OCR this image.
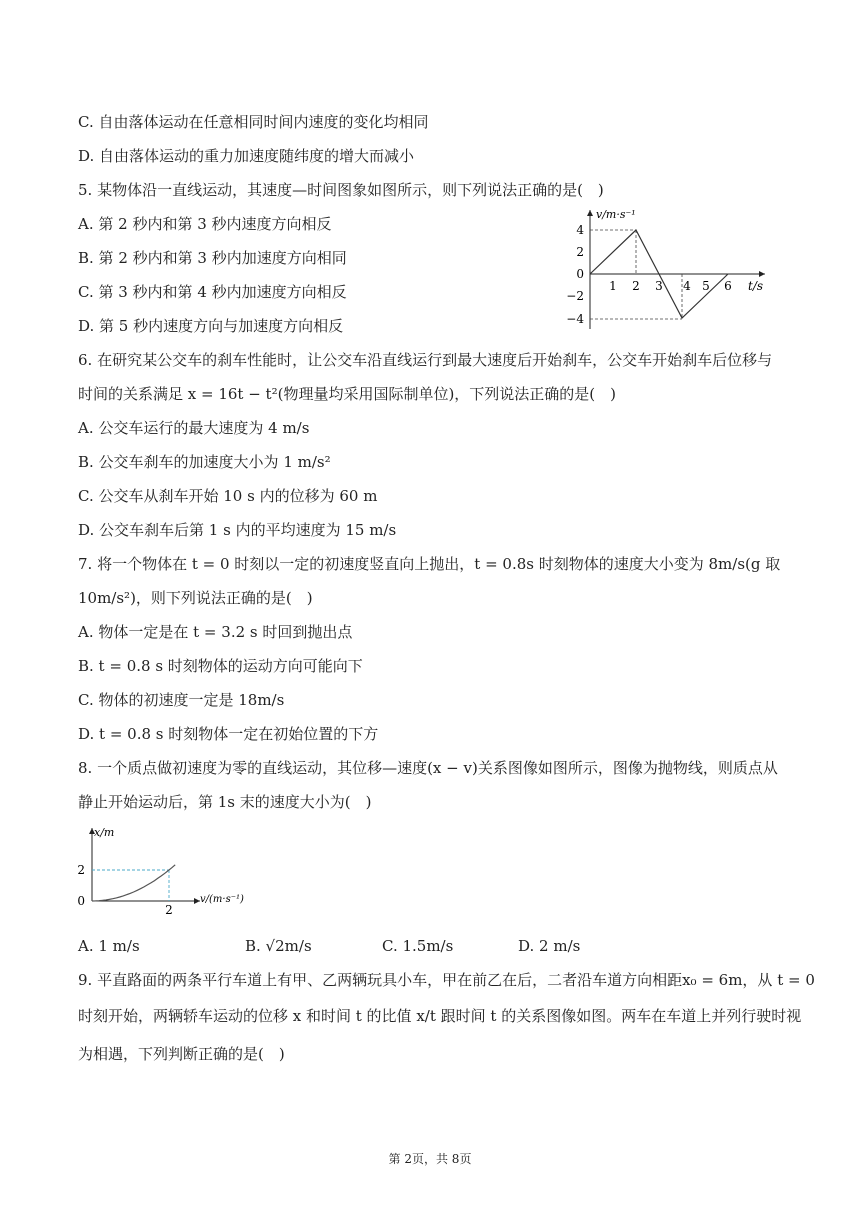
C. 自由落体运动在任意相同时间内速度的变化均相同
D. 自由落体运动的重力加速度随纬度的增大而减小
5. 某物体沿一直线运动，其速度—时间图象如图所示，则下列说法正确的是(　)
A. 第 2 秒内和第 3 秒内速度方向相反
B. 第 2 秒内和第 3 秒内加速度方向相同
C. 第 3 秒内和第 4 秒内加速度方向相反
D. 第 5 秒内速度方向与加速度方向相反
6. 在研究某公交车的刹车性能时，让公交车沿直线运行到最大速度后开始刹车，公交车开始刹车后位移与
时间的关系满足 x = 16t − t²(物理量均采用国际制单位)，下列说法正确的是(　)
A. 公交车运行的最大速度为 4 m/s
B. 公交车刹车的加速度大小为 1 m/s²
C. 公交车从刹车开始 10 s 内的位移为 60 m
D. 公交车刹车后第 1 s 内的平均速度为 15 m/s
7. 将一个物体在 t = 0 时刻以一定的初速度竖直向上抛出，t = 0.8s 时刻物体的速度大小变为 8m/s(g 取
10m/s²)，则下列说法正确的是(　)
A. 物体一定是在 t = 3.2 s 时回到抛出点
B. t = 0.8 s 时刻物体的运动方向可能向下
C. 物体的初速度一定是 18m/s
D. t = 0.8 s 时刻物体一定在初始位置的下方
8. 一个质点做初速度为零的直线运动，其位移—速度(x − v)关系图像如图所示，图像为抛物线，则质点从
静止开始运动后，第 1s 末的速度大小为(　)
A. 1 m/s	B. √2m/s	C. 1.5m/s	D. 2 m/s
9. 平直路面的两条平行车道上有甲、乙两辆玩具小车，甲在前乙在后，二者沿车道方向相距x₀ = 6m，从 t = 0
时刻开始，两辆轿车运动的位移 x 和时间 t 的比值 x/t 跟时间 t 的关系图像如图。两车在车道上并列行驶时视
为相遇，下列判断正确的是(　)
v/m·s⁻¹
t/s
4
2
0
−2
−4
1 2 3 4 5 6
x/m
v/(m·s⁻¹)
2
0
2
第 2页，共 8页
